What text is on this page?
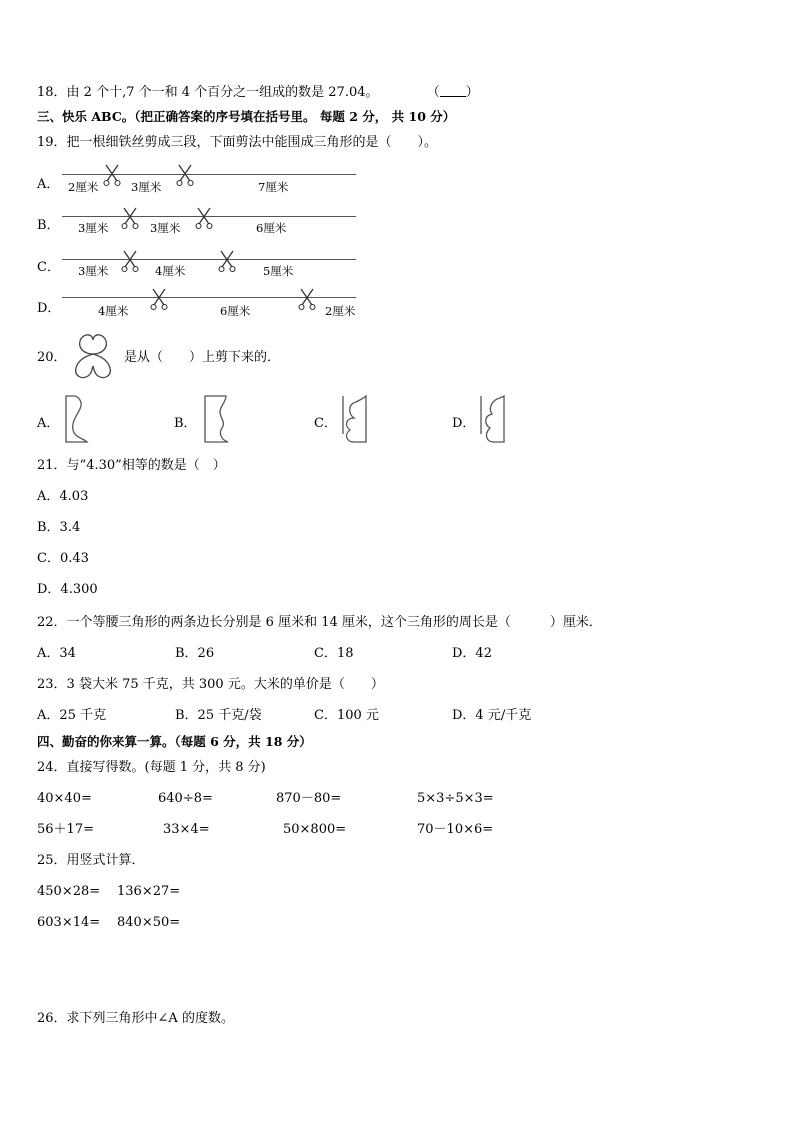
18．由 2 个十,7 个一和 4 个百分之一组成的数是 27.04。	（ ）
三、快乐 ABC。（把正确答案的序号填在括号里。 每题 2 分， 共 10 分）
19．把一根细铁丝剪成三段，下面剪法中能围成三角形的是（　　）。
A． 2厘米	3厘米	7厘米
B． 3厘米	3厘米	6厘米
C． 3厘米	4厘米	5厘米
D．	4厘米	6厘米	2厘米
20．	是从（　　）上剪下来的．
A．	B．	C．	D．
21．与“4.30”相等的数是（　）
A．4.03
B．3.4
C．0.43
D．4.300
22．一个等腰三角形的两条边长分别是 6 厘米和 14 厘米，这个三角形的周长是（　　　）厘米．
A．34	B．26	C．18	D．42
23．3 袋大米 75 千克，共 300 元。大米的单价是（　　）
A．25 千克	B．25 千克/袋	C．100 元	D．4 元/千克
四、勤奋的你来算一算。（每题 6 分，共 18 分）
24．直接写得数。(每题 1 分，共 8 分)
40×40=	640÷8=	870－80=	5×3÷5×3=
56＋17=	33×4=	50×800=	70－10×6=
25．用竖式计算．
450×28= 136×27=
603×14= 840×50=
26．求下列三角形中∠A 的度数。
